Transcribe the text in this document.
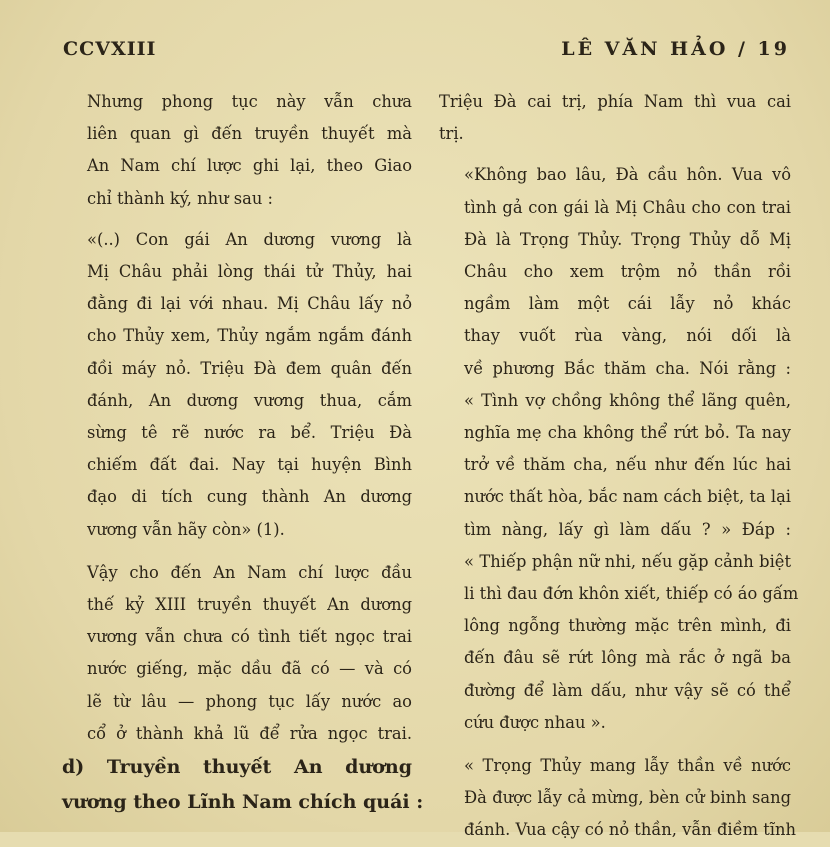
CCVXIII	LÊ VĂN HẢO / 19

Nhưng phong tục này vẫn chưa
liên quan gì đến truyền thuyết mà
An Nam chí lược ghi lại, theo Giao
chỉ thành ký, như sau :

«(..) Con gái An dương vương là
Mị Châu phải lòng thái tử Thủy, hai
đằng đi lại với nhau. Mị Châu lấy nỏ
cho Thủy xem, Thủy ngắm ngắm đánh
đồi máy nỏ. Triệu Đà đem quân đến
đánh, An dương vương thua, cắm
sừng tê rẽ nước ra bể. Triệu Đà
chiếm đất đai. Nay tại huyện Bình
đạo di tích cung thành An dương
vương vẫn hãy còn» (1).

Vậy cho đến An Nam chí lược đầu
thế kỷ XIII truyền thuyết An dương
vương vẫn chưa có tình tiết ngọc trai
nước giếng, mặc dầu đã có — và có
lẽ từ lâu — phong tục lấy nước ao
cổ ở thành khả lũ để rửa ngọc trai.

d) Truyền thuyết An dương
vương theo Lĩnh Nam chích quái :

Triệu Đà cai trị, phía Nam thì vua cai
trị.

«Không bao lâu, Đà cầu hôn. Vua vô
tình gả con gái là Mị Châu cho con trai
Đà là Trọng Thủy. Trọng Thủy dỗ Mị
Châu cho xem trộm nỏ thần rồi
ngầm làm một cái lẫy nỏ khác
thay vuốt rùa vàng, nói dối là
về phương Bắc thăm cha. Nói rằng :
« Tình vợ chồng không thể lãng quên,
nghĩa mẹ cha không thể rứt bỏ. Ta nay
trở về thăm cha, nếu như đến lúc hai
nước thất hòa, bắc nam cách biệt, ta lại
tìm nàng, lấy gì làm dấu ? » Đáp :
« Thiếp phận nữ nhi, nếu gặp cảnh biệt
li thì đau đớn khôn xiết, thiếp có áo gấm
lông ngỗng thường mặc trên mình, đi
đến đâu sẽ rứt lông mà rắc ở ngã ba
đường để làm dấu, như vậy sẽ có thể
cứu được nhau ».

« Trọng Thủy mang lẫy thần về nước
Đà được lẫy cả mừng, bèn cử binh sang
đánh. Vua cậy có nỏ thần, vẫn điềm tĩnh
